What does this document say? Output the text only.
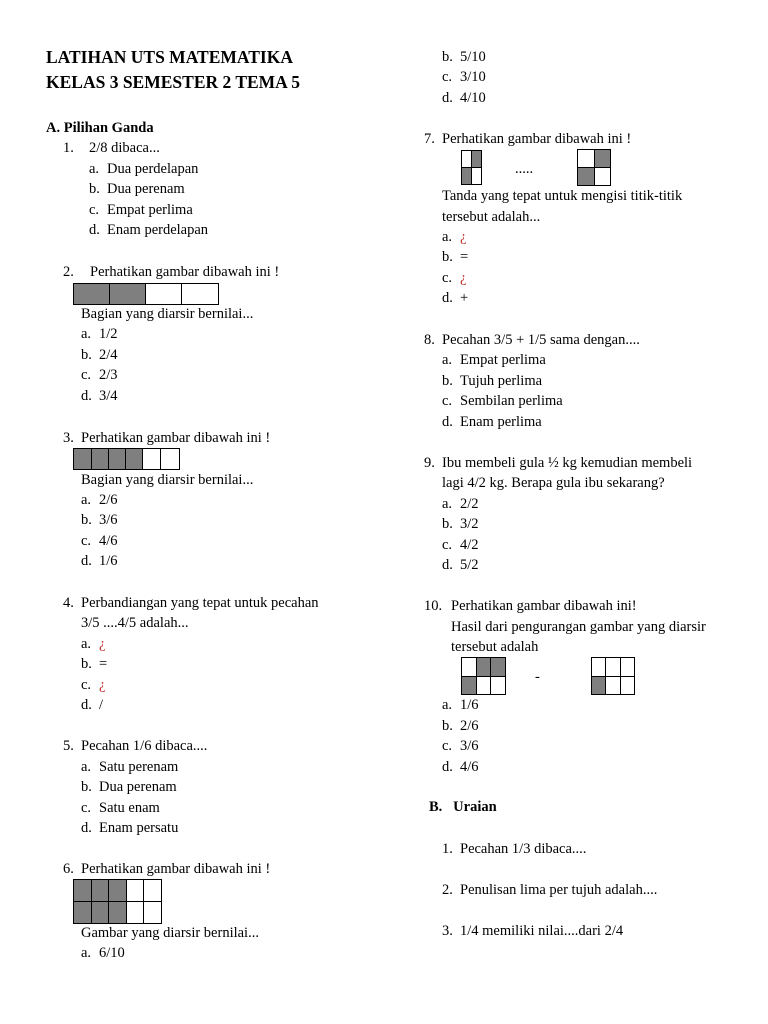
LATIHAN UTS MATEMATIKA
KELAS 3 SEMESTER 2 TEMA 5
A. Pilihan Ganda
1. 2/8 dibaca...
a. Dua perdelapan
b. Dua perenam
c. Empat perlima
d. Enam perdelapan
2. Perhatikan gambar dibawah ini !
Bagian yang diarsir bernilai...
a. 1/2
b. 2/4
c. 2/3
d. 3/4
3. Perhatikan gambar dibawah ini !
Bagian yang diarsir bernilai...
a. 2/6
b. 3/6
c. 4/6
d. 1/6
4. Perbandiangan yang tepat untuk pecahan
3/5 ....4/5 adalah...
a. ¿
b. =
c. ¿
d. /
5. Pecahan 1/6 dibaca....
a. Satu perenam
b. Dua perenam
c. Satu enam
d. Enam persatu
6. Perhatikan gambar dibawah ini !
Gambar yang diarsir bernilai...
a. 6/10
b. 5/10
c. 3/10
d. 4/10
7. Perhatikan gambar dibawah ini !
.....
Tanda yang tepat untuk mengisi titik-titik
tersebut adalah...
a. ¿
b. =
c. ¿
d. +
8. Pecahan 3/5 + 1/5 sama dengan....
a. Empat perlima
b. Tujuh perlima
c. Sembilan perlima
d. Enam perlima
9. Ibu membeli gula ½ kg kemudian membeli
lagi 4/2 kg. Berapa gula ibu sekarang?
a. 2/2
b. 3/2
c. 4/2
d. 5/2
10. Perhatikan gambar dibawah ini!
Hasil dari pengurangan gambar yang diarsir
tersebut adalah
-
a. 1/6
b. 2/6
c. 3/6
d. 4/6
B.   Uraian
1. Pecahan 1/3 dibaca....
2. Penulisan lima per tujuh adalah....
3. 1/4 memiliki nilai....dari 2/4
